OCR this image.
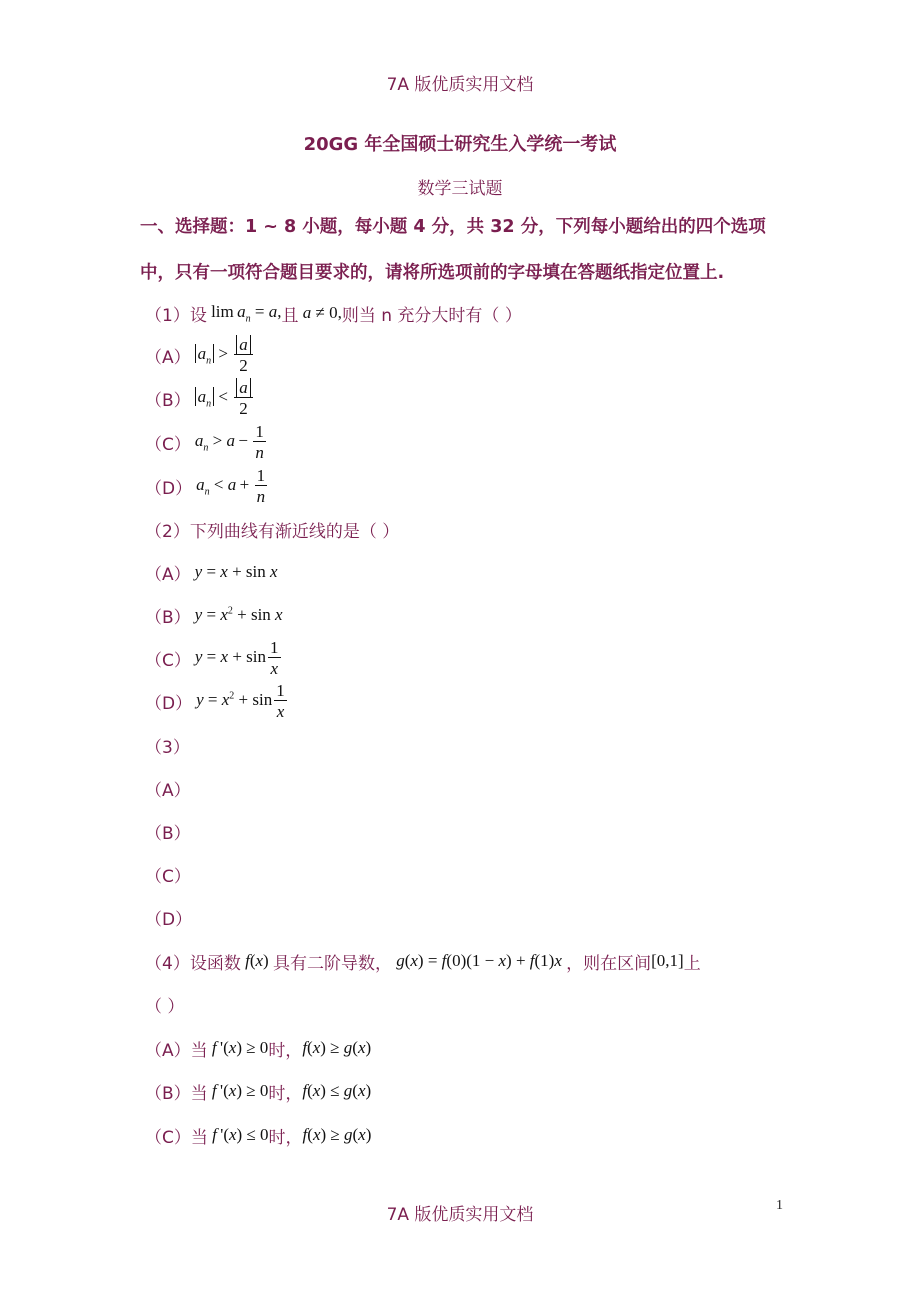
7A 版优质实用文档
20GG 年全国硕士研究生入学统一考试
数学三试题
一、选择题：1 ~ 8 小题，每小题 4 分，共 32 分，下列每小题给出的四个选项
中，只有一项符合题目要求的，请将所选项前的字母填在答题纸指定位置上.
（1）设 $\lim a_n = a$, 且 a ≠ 0, 则当 n 充分大时有（ ）
（A） $a_n > \frac{a}{2}$
（B） $a_n < \frac{a}{2}$
（C） $a_n > a - \frac{1}{n}$
（D） $a_n < a + \frac{1}{n}$
（2）下列曲线有渐近线的是（ ）
（A） y = x + sin x
（B） $y = x^2 + \sin x$
（C） $y = x + \sin \frac{1}{x}$
（D） $y = x^2 + \sin \frac{1}{x}$
（3）
（A）
（B）
（C）
（D）
（4）设函数 f(x) 具有二阶导数， g(x) = f(0)(1 − x) + f(1)x ，则在区间 [0,1] 上
（ ）
（A）当 f '(x) ≥ 0 时， f(x) ≥ g(x)
（B）当 f '(x) ≥ 0 时， f(x) ≤ g(x)
（C）当 f '(x) ≤ 0 时， f(x) ≥ g(x)
1
7A 版优质实用文档
